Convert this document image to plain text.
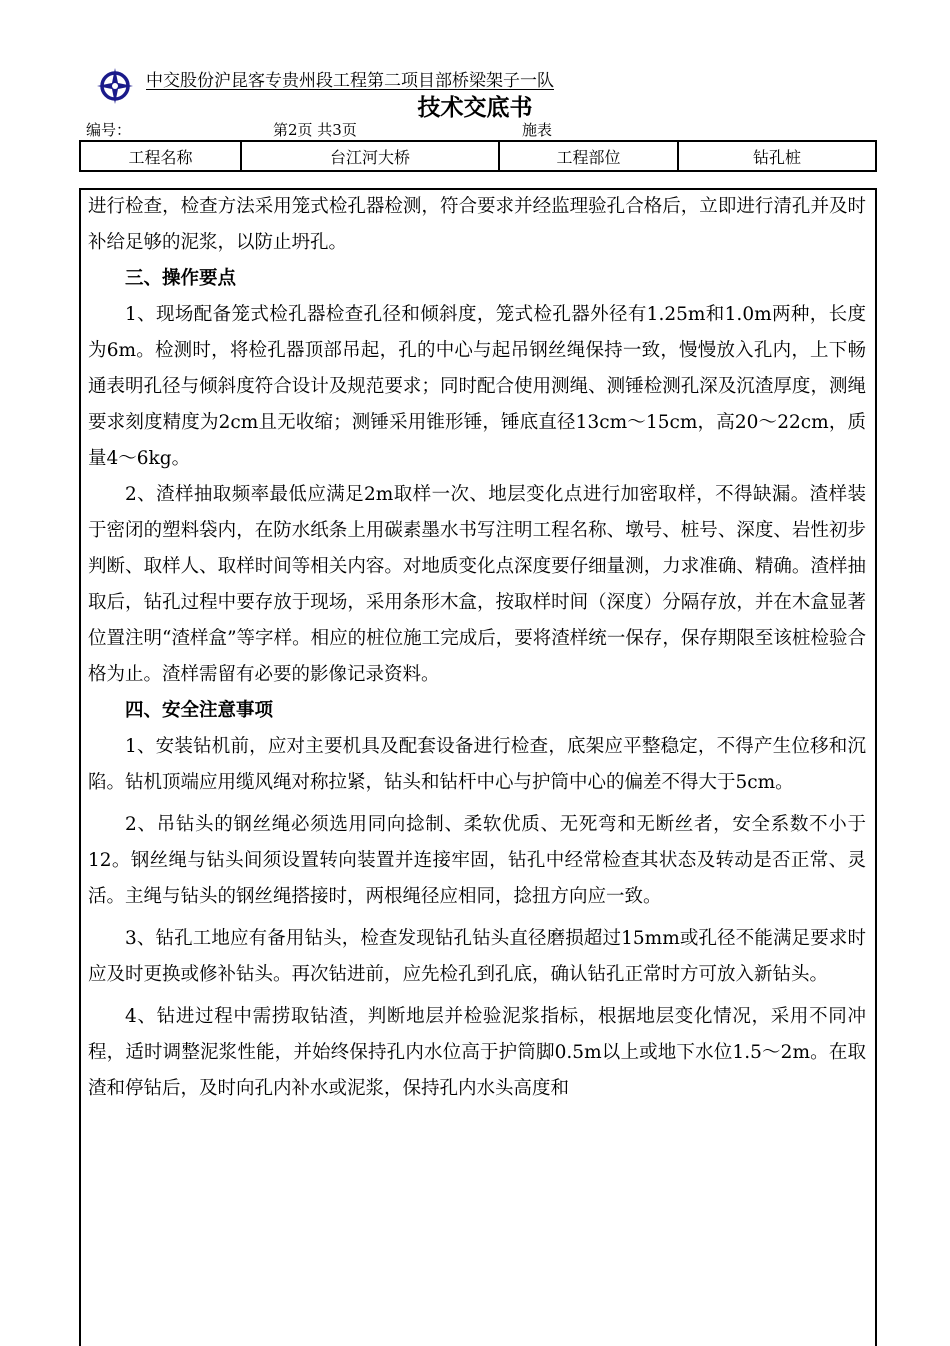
中交股份沪昆客专贵州段工程第二项目部桥梁架子一队
技术交底书
编号：	第2页 共3页	施表
工程名称	台江河大桥	工程部位	钻孔桩

进行检查，检查方法采用笼式检孔器检测，符合要求并经监理验孔合格后，立即进行清孔并及时补给足够的泥浆，以防止坍孔。

三、操作要点

1、现场配备笼式检孔器检查孔径和倾斜度，笼式检孔器外径有1.25m和1.0m两种，长度为6m。检测时，将检孔器顶部吊起，孔的中心与起吊钢丝绳保持一致，慢慢放入孔内，上下畅通表明孔径与倾斜度符合设计及规范要求；同时配合使用测绳、测锤检测孔深及沉渣厚度，测绳要求刻度精度为2cm且无收缩；测锤采用锥形锤，锤底直径13cm～15cm，高20～22cm，质量4～6kg。

2、渣样抽取频率最低应满足2m取样一次、地层变化点进行加密取样，不得缺漏。渣样装于密闭的塑料袋内，在防水纸条上用碳素墨水书写注明工程名称、墩号、桩号、深度、岩性初步判断、取样人、取样时间等相关内容。对地质变化点深度要仔细量测，力求准确、精确。渣样抽取后，钻孔过程中要存放于现场，采用条形木盒，按取样时间（深度）分隔存放，并在木盒显著位置注明“渣样盒”等字样。相应的桩位施工完成后，要将渣样统一保存，保存期限至该桩检验合格为止。渣样需留有必要的影像记录资料。

四、安全注意事项

1、安装钻机前，应对主要机具及配套设备进行检查，底架应平整稳定，不得产生位移和沉陷。钻机顶端应用缆风绳对称拉紧，钻头和钻杆中心与护筒中心的偏差不得大于5cm。

2、吊钻头的钢丝绳必须选用同向捻制、柔软优质、无死弯和无断丝者，安全系数不小于12。钢丝绳与钻头间须设置转向装置并连接牢固，钻孔中经常检查其状态及转动是否正常、灵活。主绳与钻头的钢丝绳搭接时，两根绳径应相同，捻扭方向应一致。

3、钻孔工地应有备用钻头，检查发现钻孔钻头直径磨损超过15mm或孔径不能满足要求时应及时更换或修补钻头。再次钻进前，应先检孔到孔底，确认钻孔正常时方可放入新钻头。

4、钻进过程中需捞取钻渣，判断地层并检验泥浆指标，根据地层变化情况，采用不同冲程，适时调整泥浆性能，并始终保持孔内水位高于护筒脚0.5m以上或地下水位1.5～2m。在取渣和停钻后，及时向孔内补水或泥浆，保持孔内水头高度和
